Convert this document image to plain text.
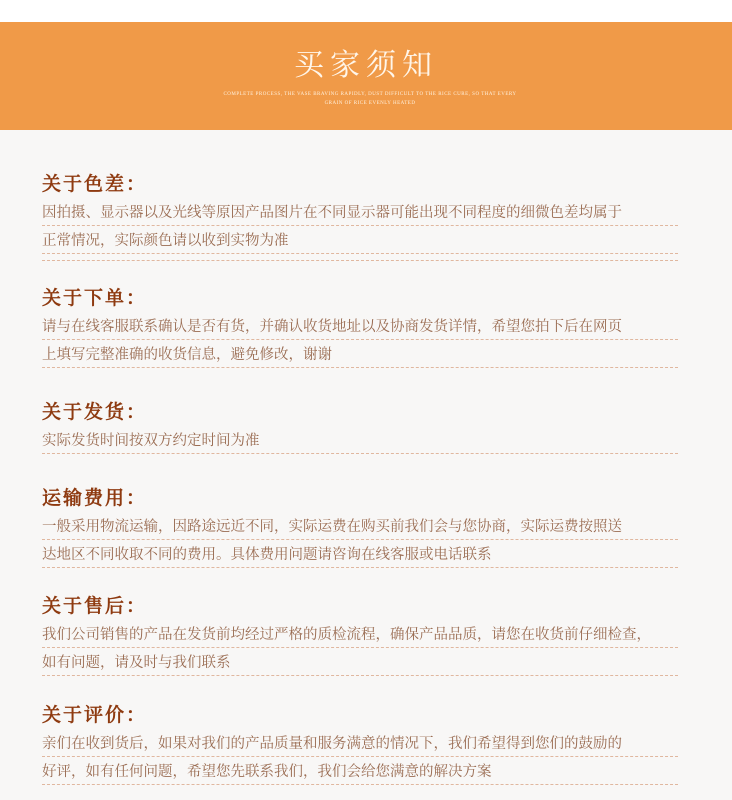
买家须知
COMPLETE PROCESS, THE VASE BRAVING RAPIDLY, DUST DIFFICULT TO THE RICE CURE, SO THAT EVERY GRAIN OF RICE EVENLY HEATED
关于色差：
因拍摄、显示器以及光线等原因产品图片在不同显示器可能出现不同程度的细微色差均属于
正常情况，实际颜色请以收到实物为准
关于下单：
请与在线客服联系确认是否有货，并确认收货地址以及协商发货详情，希望您拍下后在网页
上填写完整准确的收货信息，避免修改，谢谢
关于发货：
实际发货时间按双方约定时间为准
运输费用：
一般采用物流运输，因路途远近不同，实际运费在购买前我们会与您协商，实际运费按照送
达地区不同收取不同的费用。具体费用问题请咨询在线客服或电话联系
关于售后：
我们公司销售的产品在发货前均经过严格的质检流程，确保产品品质，请您在收货前仔细检查，
如有问题，请及时与我们联系
关于评价：
亲们在收到货后，如果对我们的产品质量和服务满意的情况下，我们希望得到您们的鼓励的
好评，如有任何问题，希望您先联系我们，我们会给您满意的解决方案
